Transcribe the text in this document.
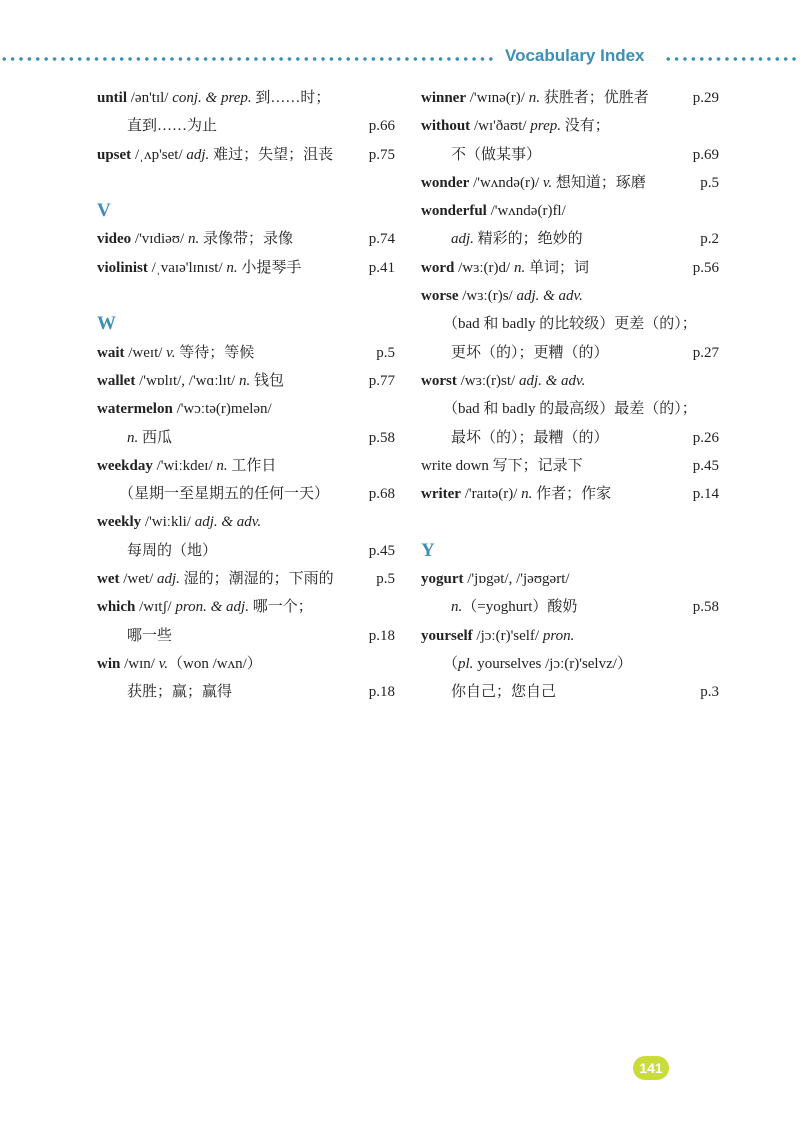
Vocabulary Index
until /ən'tɪl/ conj. & prep. 到……时；
直到……为止	p.66
upset /ˌʌp'set/ adj. 难过；失望；沮丧 p.75
V
video /'vɪdiəʊ/ n. 录像带；录像	p.74
violinist /ˌvaɪə'lɪnɪst/ n. 小提琴手	p.41
W
wait /weɪt/ v. 等待；等候	p.5
wallet /'wɒlɪt/, /'wɑːlɪt/ n. 钱包	p.77
watermelon /'wɔːtə(r)melən/
n. 西瓜	p.58
weekday /'wiːkdeɪ/ n. 工作日
（星期一至星期五的任何一天）	p.68
weekly /'wiːkli/ adj. & adv.
每周的（地）	p.45
wet /wet/ adj. 湿的；潮湿的；下雨的	p.5
which /wɪtʃ/ pron. & adj. 哪一个；
哪一些	p.18
win /wɪn/ v.（won /wʌn/）
获胜；赢；赢得	p.18
winner /'wɪnə(r)/ n. 获胜者；优胜者	p.29
without /wɪ'ðaʊt/ prep. 没有；
不（做某事）	p.69
wonder /'wʌndə(r)/ v. 想知道；琢磨	p.5
wonderful /'wʌndə(r)fl/
adj. 精彩的；绝妙的	p.2
word /wɜː(r)d/ n. 单词；词	p.56
worse /wɜː(r)s/ adj. & adv.
（bad 和 badly 的比较级）更差（的）；
更坏（的）；更糟（的）	p.27
worst /wɜː(r)st/ adj. & adv.
（bad 和 badly 的最高级）最差（的）；
最坏（的）；最糟（的）	p.26
write down 写下；记录下	p.45
writer /'raɪtə(r)/ n. 作者；作家	p.14
Y
yogurt /'jɒgət/, /'jəʊgərt/
n.（=yoghurt）酸奶	p.58
yourself /jɔː(r)'self/ pron.
（pl. yourselves /jɔː(r)'selvz/）
你自己；您自己	p.3
141
